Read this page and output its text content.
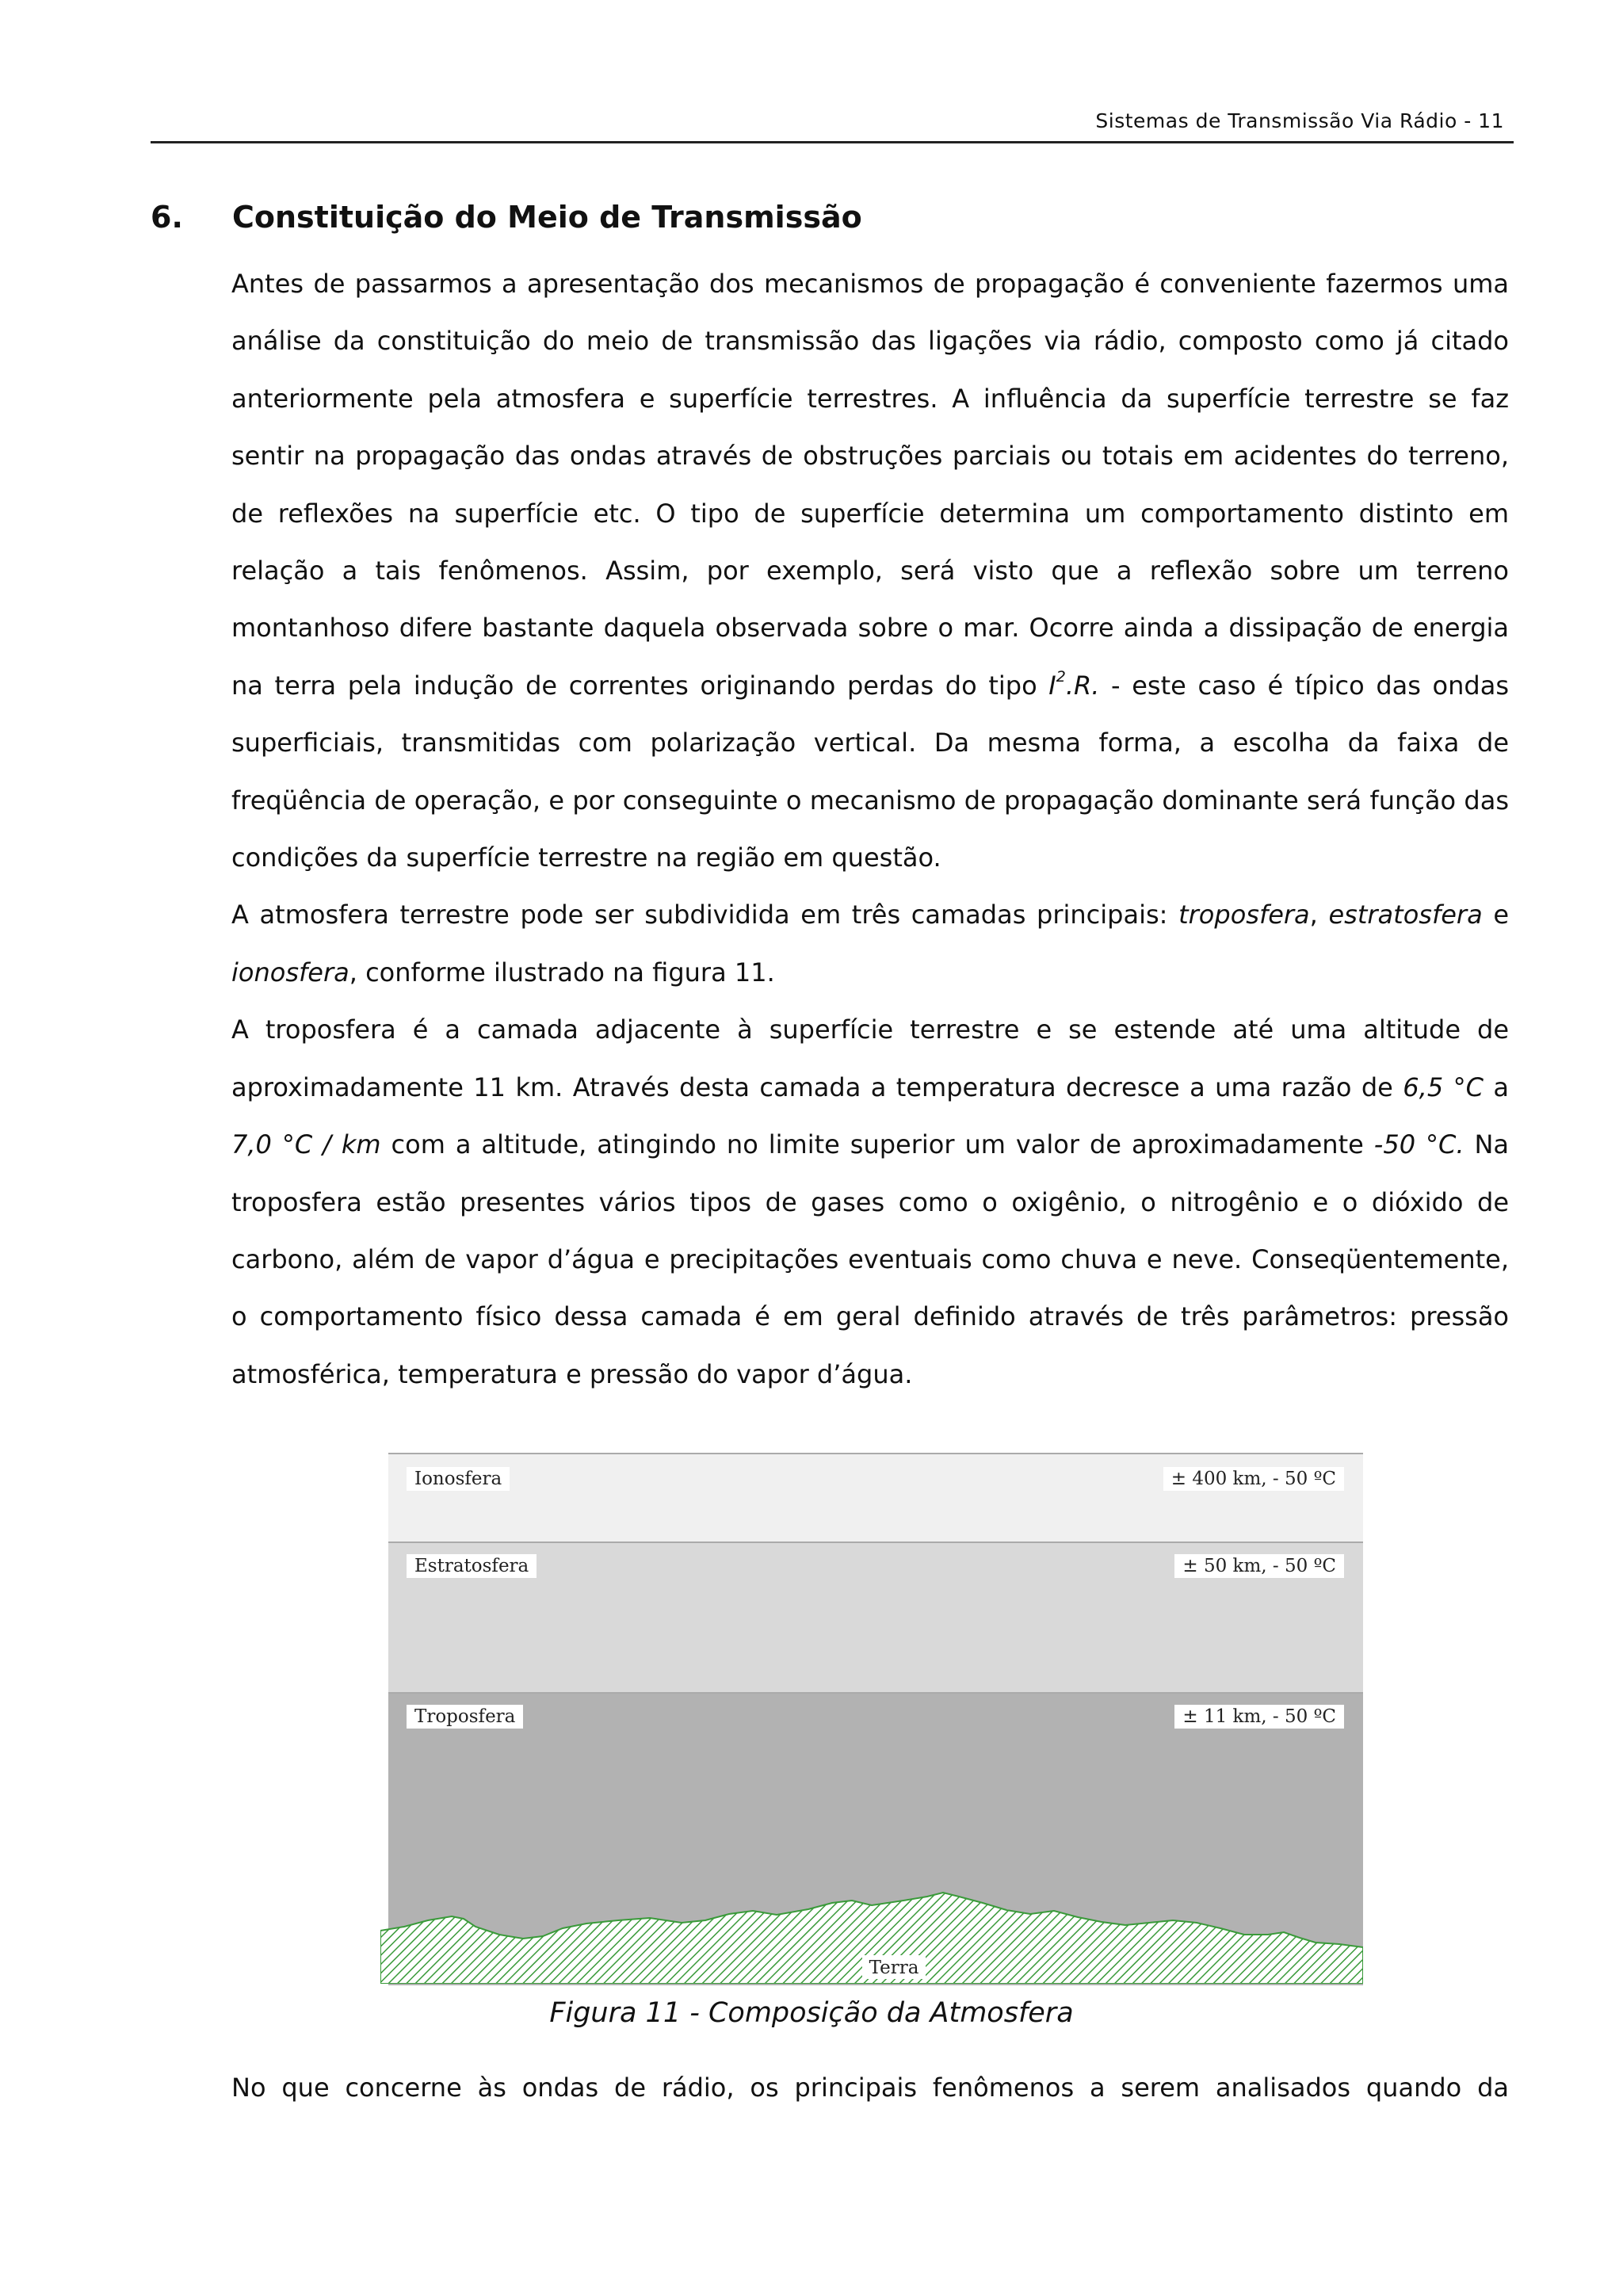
Sistemas de Transmissão Via Rádio - 11
6. Constituição do Meio de Transmissão

Antes de passarmos a apresentação dos mecanismos de propagação é conveniente fazermos uma análise da constituição do meio de transmissão das ligações via rádio, composto como já citado anteriormente pela atmosfera e superfície terrestres. A influência da superfície terrestre se faz sentir na propagação das ondas através de obstruções parciais ou totais em acidentes do terreno, de reflexões na superfície etc. O tipo de superfície determina um comportamento distinto em relação a tais fenômenos. Assim, por exemplo, será visto que a reflexão sobre um terreno montanhoso difere bastante daquela observada sobre o mar. Ocorre ainda a dissipação de energia na terra pela indução de correntes originando perdas do tipo $I^2.R$. - este caso é típico das ondas superficiais, transmitidas com polarização vertical. Da mesma forma, a escolha da faixa de freqüência de operação, e por conseguinte o mecanismo de propagação dominante será função das condições da superfície terrestre na região em questão.

A atmosfera terrestre pode ser subdividida em três camadas principais: troposfera, estratosfera e ionosfera, conforme ilustrado na figura 11.

A troposfera é a camada adjacente à superfície terrestre e se estende até uma altitude de aproximadamente 11 km. Através desta camada a temperatura decresce a uma razão de 6,5 °C a 7,0 °C / km com a altitude, atingindo no limite superior um valor de aproximadamente -50 °C. Na troposfera estão presentes vários tipos de gases como o oxigênio, o nitrogênio e o dióxido de carbono, além de vapor d’água e precipitações eventuais como chuva e neve. Conseqüentemente, o comportamento físico dessa camada é em geral definido através de três parâmetros: pressão atmosférica, temperatura e pressão do vapor d’água.

Ionosfera	± 400 km, - 50 ºC
Estratosfera	± 50 km, - 50 ºC
Troposfera	± 11 km, - 50 ºC
Terra

Figura 11 - Composição da Atmosfera

No que concerne às ondas de rádio, os principais fenômenos a serem analisados quando da
